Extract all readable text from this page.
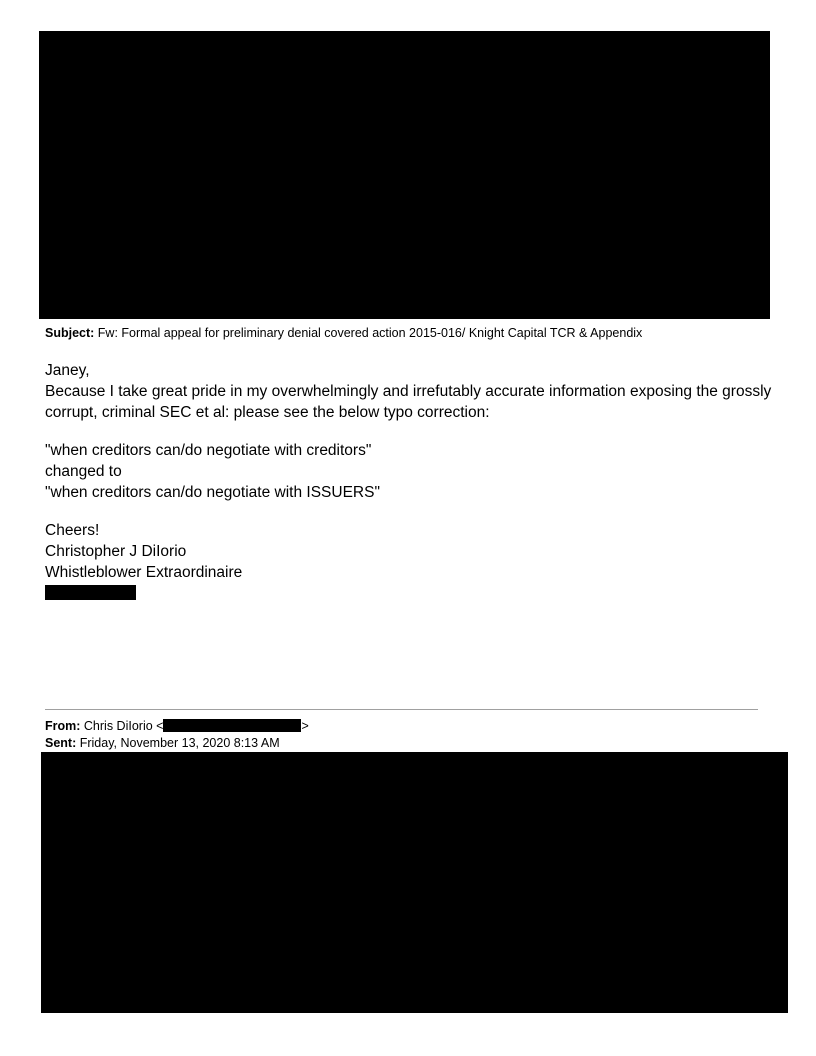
Subject: Fw: Formal appeal for preliminary denial covered action 2015-016/ Knight Capital TCR & Appendix
Janey,
Because I take great pride in my overwhelmingly and irrefutably accurate information exposing the grossly
corrupt, criminal SEC et al: please see the below typo correction:
"when creditors can/do negotiate with creditors"
changed to
"when creditors can/do negotiate with ISSUERS"
Cheers!
Christopher J DiIorio
Whistleblower Extraordinaire
From: Chris DiIorio <	>
Sent: Friday, November 13, 2020 8:13 AM
